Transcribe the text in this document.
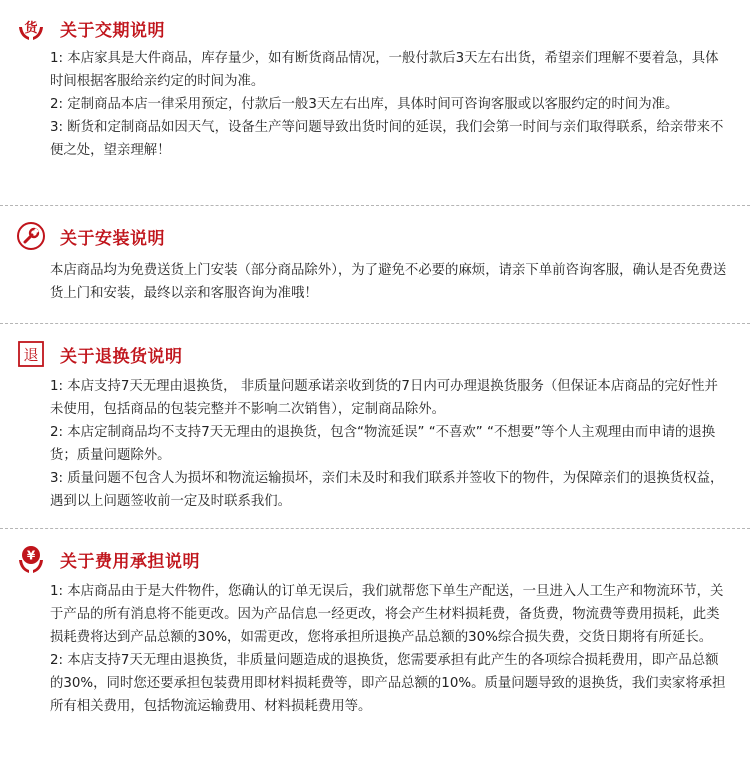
货 关于交期说明

1: 本店家具是大件商品，库存量少，如有断货商品情况，一般付款后3天左右出货，希望亲们理解不要着急，具体时间根据客服给亲约定的时间为准。

2: 定制商品本店一律采用预定，付款后一般3天左右出库，具体时间可咨询客服或以客服约定的时间为准。

3: 断货和定制商品如因天气，设备生产等问题导致出货时间的延误，我们会第一时间与亲们取得联系，给亲带来不便之处，望亲理解！

关于安装说明

本店商品均为免费送货上门安装（部分商品除外），为了避免不必要的麻烦，请亲下单前咨询客服，确认是否免费送货上门和安装，最终以亲和客服咨询为准哦！

退 关于退换货说明

1: 本店支持7天无理由退换货， 非质量问题承诺亲收到货的7日内可办理退换货服务（但保证本店商品的完好性并未使用，包括商品的包装完整并不影响二次销售），定制商品除外。

2: 本店定制商品均不支持7天无理由的退换货，包含“物流延误” “不喜欢” “不想要”等个人主观理由而申请的退换货；质量问题除外。

3: 质量问题不包含人为损坏和物流运输损坏，亲们未及时和我们联系并签收下的物件，为保障亲们的退换货权益，遇到以上问题签收前一定及时联系我们。

¥ 关于费用承担说明

1: 本店商品由于是大件物件，您确认的订单无误后，我们就帮您下单生产配送，一旦进入人工生产和物流环节，关于产品的所有消息将不能更改。因为产品信息一经更改，将会产生材料损耗费，备货费，物流费等费用损耗，此类损耗费将达到产品总额的30%，如需更改，您将承担所退换产品总额的30%综合损失费，交货日期将有所延长。

2: 本店支持7天无理由退换货，非质量问题造成的退换货，您需要承担有此产生的各项综合损耗费用，即产品总额的30%，同时您还要承担包装费用即材料损耗费等，即产品总额的10%。质量问题导致的退换货，我们卖家将承担所有相关费用，包括物流运输费用、材料损耗费用等。
